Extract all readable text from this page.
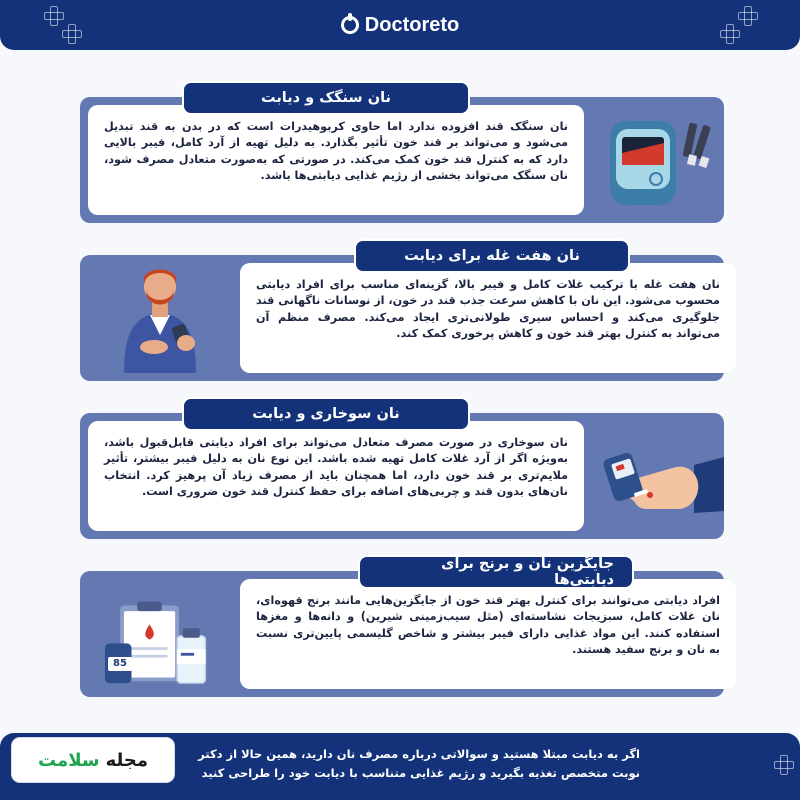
Doctoreto
نان سنگک قند افزوده ندارد اما حاوی کربوهیدرات است که در بدن به قند تبدیل می‌شود و می‌تواند بر قند خون تأثیر بگذارد. به دلیل تهیه از آرد کامل، فیبر بالایی دارد که به کنترل قند خون کمک می‌کند. در صورتی که به‌صورت متعادل مصرف شود، نان سنگک می‌تواند بخشی از رژیم غذایی دیابتی‌ها باشد.
نان سنگک و دیابت
نان هفت غله با ترکیب غلات کامل و فیبر بالا، گزینه‌ای مناسب برای افراد دیابتی محسوب می‌شود. این نان با کاهش سرعت جذب قند در خون، از نوسانات ناگهانی قند جلوگیری می‌کند و احساس سیری طولانی‌تری ایجاد می‌کند. مصرف منظم آن می‌تواند به کنترل بهتر قند خون و کاهش پرخوری کمک کند.
نان هفت غله برای دیابت
نان سوخاری در صورت مصرف متعادل می‌تواند برای افراد دیابتی قابل‌قبول باشد، به‌ویژه اگر از آرد غلات کامل تهیه شده باشد. این نوع نان به دلیل فیبر بیشتر، تأثیر ملایم‌تری بر قند خون دارد، اما همچنان باید از مصرف زیاد آن پرهیز کرد. انتخاب نان‌های بدون قند و چربی‌های اضافه برای حفظ کنترل قند خون ضروری است.
نان سوخاری و دیابت
افراد دیابتی می‌توانند برای کنترل بهتر قند خون از جایگزین‌هایی مانند برنج قهوه‌ای، نان غلات کامل، سبزیجات نشاسته‌ای (مثل سیب‌زمینی شیرین) و دانه‌ها و مغزها استفاده کنند. این مواد غذایی دارای فیبر بیشتر و شاخص گلیسمی پایین‌تری نسبت به نان و برنج سفید هستند.
جایگزین نان و برنج برای دیابتی‌ها
85
اگر به دیابت مبتلا هستید و سوالاتی درباره مصرف نان دارید، همین حالا از دکتر
نوبت متخصص تغذیه بگیرید و رژیم غذایی متناسب با دیابت خود را طراحی کنید
مجله
سلامت
